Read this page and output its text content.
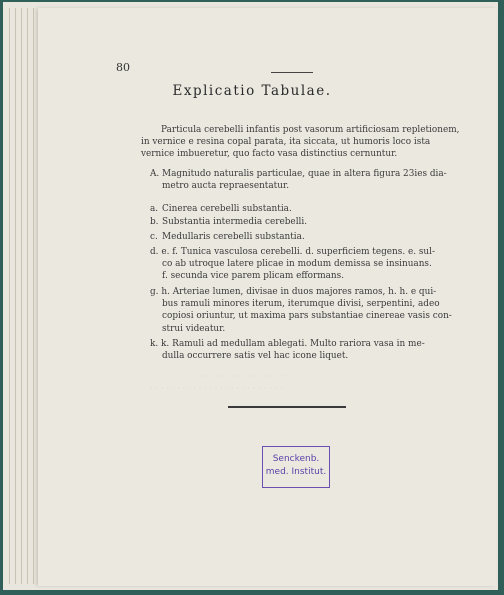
80
Explicatio Tabulae.
Particula cerebelli infantis post vasorum artificiosam repletionem,
in vernice e resina copal parata, ita siccata, ut humoris loco ista
vernice imbueretur, quo facto vasa distinctius cernuntur.
A. Magnitudo naturalis particulae, quae in altera figura 23ies dia-
metro aucta repraesentatur.
a. Cinerea cerebelli substantia.
b. Substantia intermedia cerebelli.
c. Medullaris cerebelli substantia.
d. e. f. Tunica vasculosa cerebelli. d. superficiem tegens. e. sul-
co ab utroque latere plicae in modum demissa se insinuans.
f. secunda vice parem plicam efformans.
g. h. Arteriae lumen, divisae in duos majores ramos, h. h. e qui-
bus ramuli minores iterum, iterumque divisi, serpentini, adeo
copiosi oriuntur, ut maxima pars substantiae cinereae vasis con-
strui videatur.
k. k. Ramuli ad medullam ablegati. Multo rariora vasa in me-
dulla occurrere satis vel hac icone liquet.
· · · · · · · · · · · · · · · · · · · ·
· · · · · · · · · · · · · · · · · · · · · · · · ·
Senckenb.
med. Institut.
